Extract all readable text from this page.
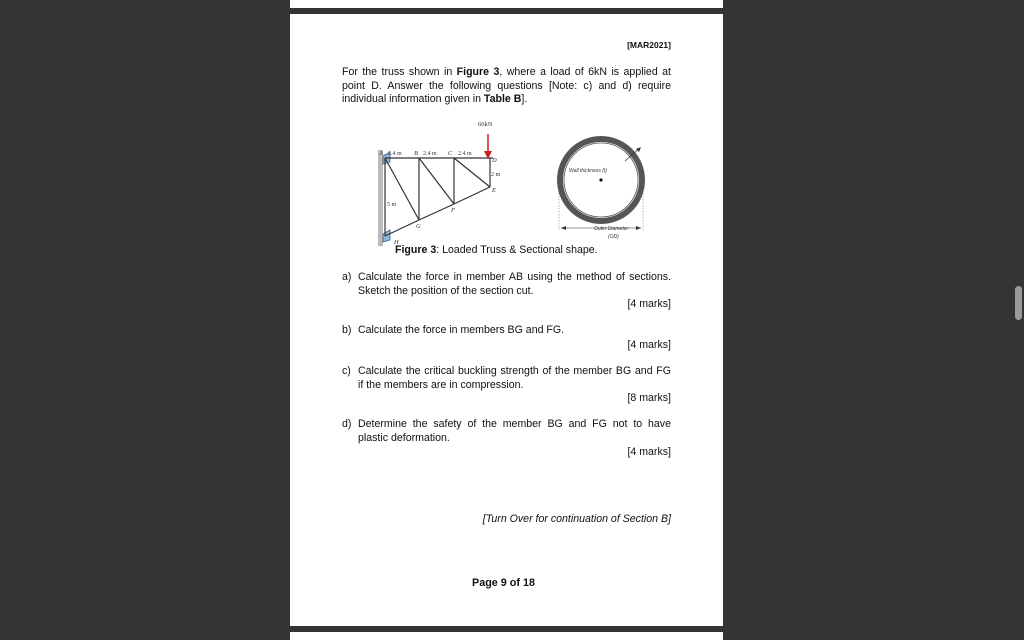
[MAR2021]
For the truss shown in Figure 3, where a load of 6kN is applied at point D. Answer the following questions [Note: c) and d) require individual information given in Table B].
60kN
A	B	C
D
E
F
G
H
2.4 m	2.4 m	2.4 m
2 m
5 m
Wall thickness (t)
Outer Diameter
(OD)
Figure 3: Loaded Truss & Sectional shape.
a) Calculate the force in member AB using the method of sections. Sketch the position of the section cut.
[4 marks]
b) Calculate the force in members BG and FG.
[4 marks]
c) Calculate the critical buckling strength of the member BG and FG if the members are in compression.
[8 marks]
d) Determine the safety of the member BG and FG not to have plastic deformation.
[4 marks]
[Turn Over for continuation of Section B]
Page 9 of 18
